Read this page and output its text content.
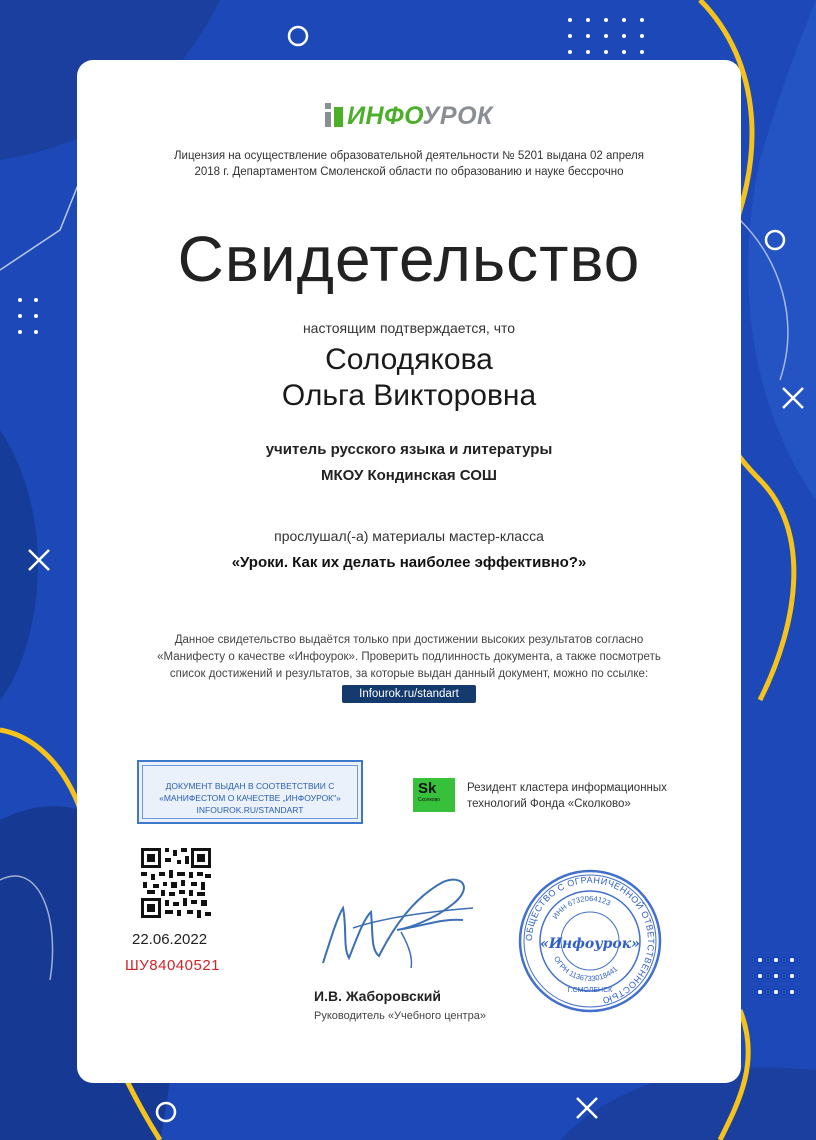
ИНФОУРОК
Лицензия на осуществление образовательной деятельности № 5201 выдана 02 апреля
2018 г. Департаментом Смоленской области по образованию и науке бессрочно
Свидетельство
настоящим подтверждается, что
Солодякова
Ольга Викторовна
учитель русского языка и литературы
МКОУ Кондинская СОШ
прослушал(-а) материалы мастер-класса
«Уроки. Как их делать наиболее эффективно?»
Данное свидетельство выдаётся только при достижении высоких результатов согласно
«Манифесту о качестве «Инфоурок». Проверить подлинность документа, а также посмотреть
список достижений и результатов, за которые выдан данный документ, можно по ссылке:
Infourok.ru/standart
ДОКУМЕНТ ВЫДАН В СООТВЕТСТВИИ С
«МАНИФЕСТОМ О КАЧЕСТВЕ „ИНФОУРОК"»
INFOUROK.RU/STANDART
Sk
Сколково
Резидент кластера информационных
технологий Фонда «Сколково»
22.06.2022
ШУ84040521
И.В. Жаборовский
Руководитель «Учебного центра»
ОБЩЕСТВО С ОГРАНИЧЕННОЙ ОТВЕТСТВЕННОСТЬЮ
ИНН 6732064123
ОГРН 1136733018441
«Инфоурок»
Г.СМОЛЕНСК
